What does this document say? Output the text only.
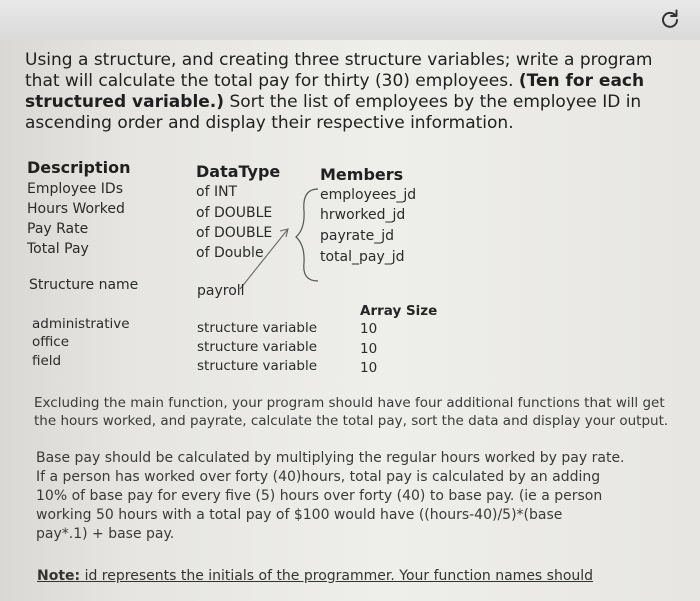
Using a structure, and creating three structure variables; write a program that will calculate the total pay for thirty (30) employees. (Ten for each structured variable.) Sort the list of employees by the employee ID in ascending order and display their respective information.
Description	DataType Members
Employee IDs
Hours Worked
Pay Rate
Total Pay
of INT
of DOUBLE
of DOUBLE
of Double
employees_jd
hrworked_jd
payrate_jd
total_pay_jd
Structure name	payroll
Array Size
administrative
office
field
structure variable
structure variable
structure variable
10
10
10
Excluding the main function, your program should have four additional functions that will get
the hours worked, and payrate, calculate the total pay, sort the data and display your output.
Base pay should be calculated by multiplying the regular hours worked by pay rate.
If a person has worked over forty (40)hours, total pay is calculated by an adding
10% of base pay for every five (5) hours over forty (40) to base pay. (ie a person
working 50 hours with a total pay of $100 would have ((hours-40)/5)*(base
pay*.1) + base pay.
Note: id represents the initials of the programmer. Your function names should
